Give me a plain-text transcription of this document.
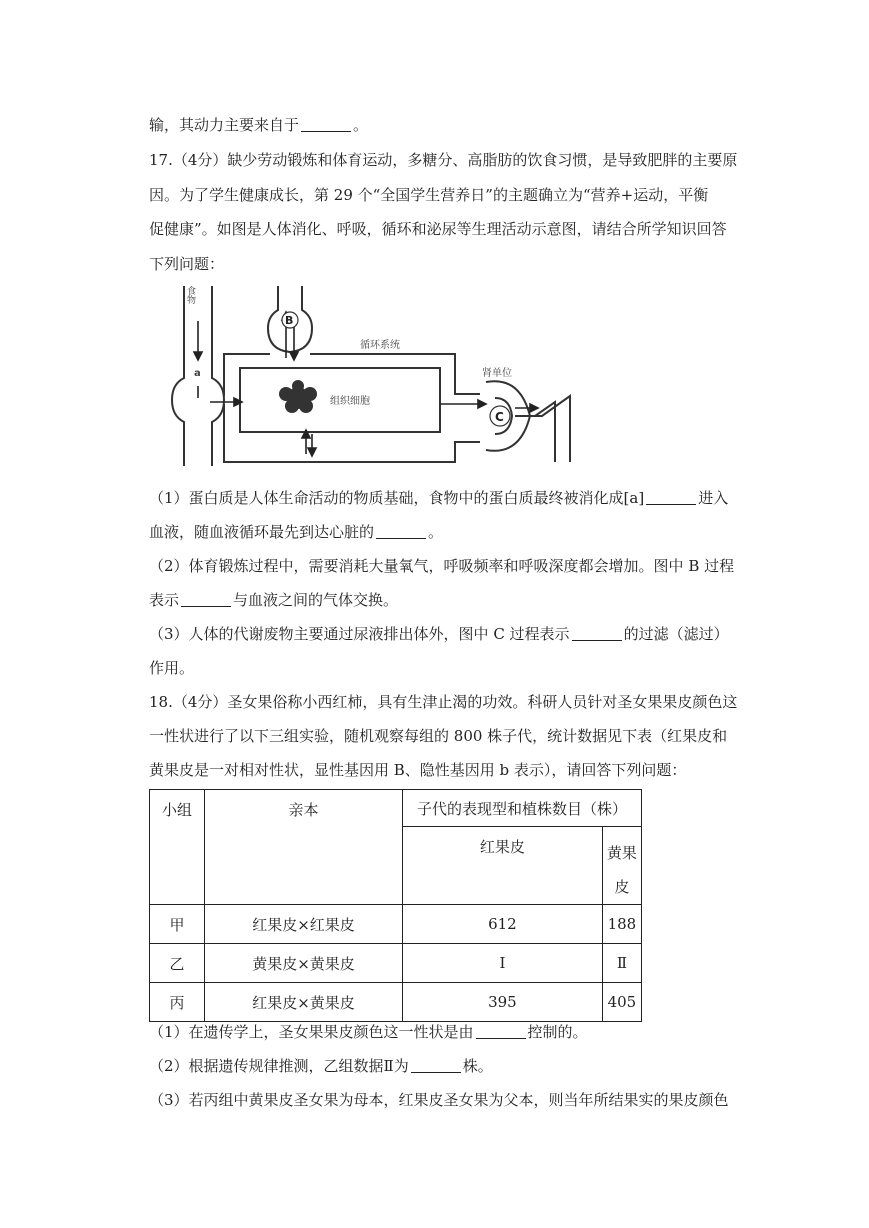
输，其动力主要来自于	。
17.（4分）缺少劳动锻炼和体育运动，多糖分、高脂肪的饮食习惯，是导致肥胖的主要原
因。为了学生健康成长，第 29 个“全国学生营养日”的主题确立为“营养+运动，平衡
促健康”。如图是人体消化、呼吸，循环和泌尿等生理活动示意图，请结合所学知识回答
下列问题：
食物
a
B
C
循环系统
组织细胞
肾单位
（1）蛋白质是人体生命活动的物质基础，食物中的蛋白质最终被消化成[a]	进入
血液，随血液循环最先到达心脏的	。
（2）体育锻炼过程中，需要消耗大量氧气，呼吸频率和呼吸深度都会增加。图中 B 过程
表示	与血液之间的气体交换。
（3）人体的代谢废物主要通过尿液排出体外，图中 C 过程表示	的过滤（滤过）
作用。
18.（4分）圣女果俗称小西红柿，具有生津止渴的功效。科研人员针对圣女果果皮颜色这
一性状进行了以下三组实验，随机观察每组的 800 株子代，统计数据见下表（红果皮和
黄果皮是一对相对性状，显性基因用 B、隐性基因用 b 表示），请回答下列问题：
小组	亲本	子代的表现型和植株数目（株）	
		红果皮	黄果
皮
甲	红果皮×红果皮	612	188
乙	黄果皮×黄果皮	Ⅰ	Ⅱ
丙	红果皮×黄果皮	395	405
（1）在遗传学上，圣女果果皮颜色这一性状是由	控制的。
（2）根据遗传规律推测，乙组数据Ⅱ为	株。
（3）若丙组中黄果皮圣女果为母本，红果皮圣女果为父本，则当年所结果实的果皮颜色
